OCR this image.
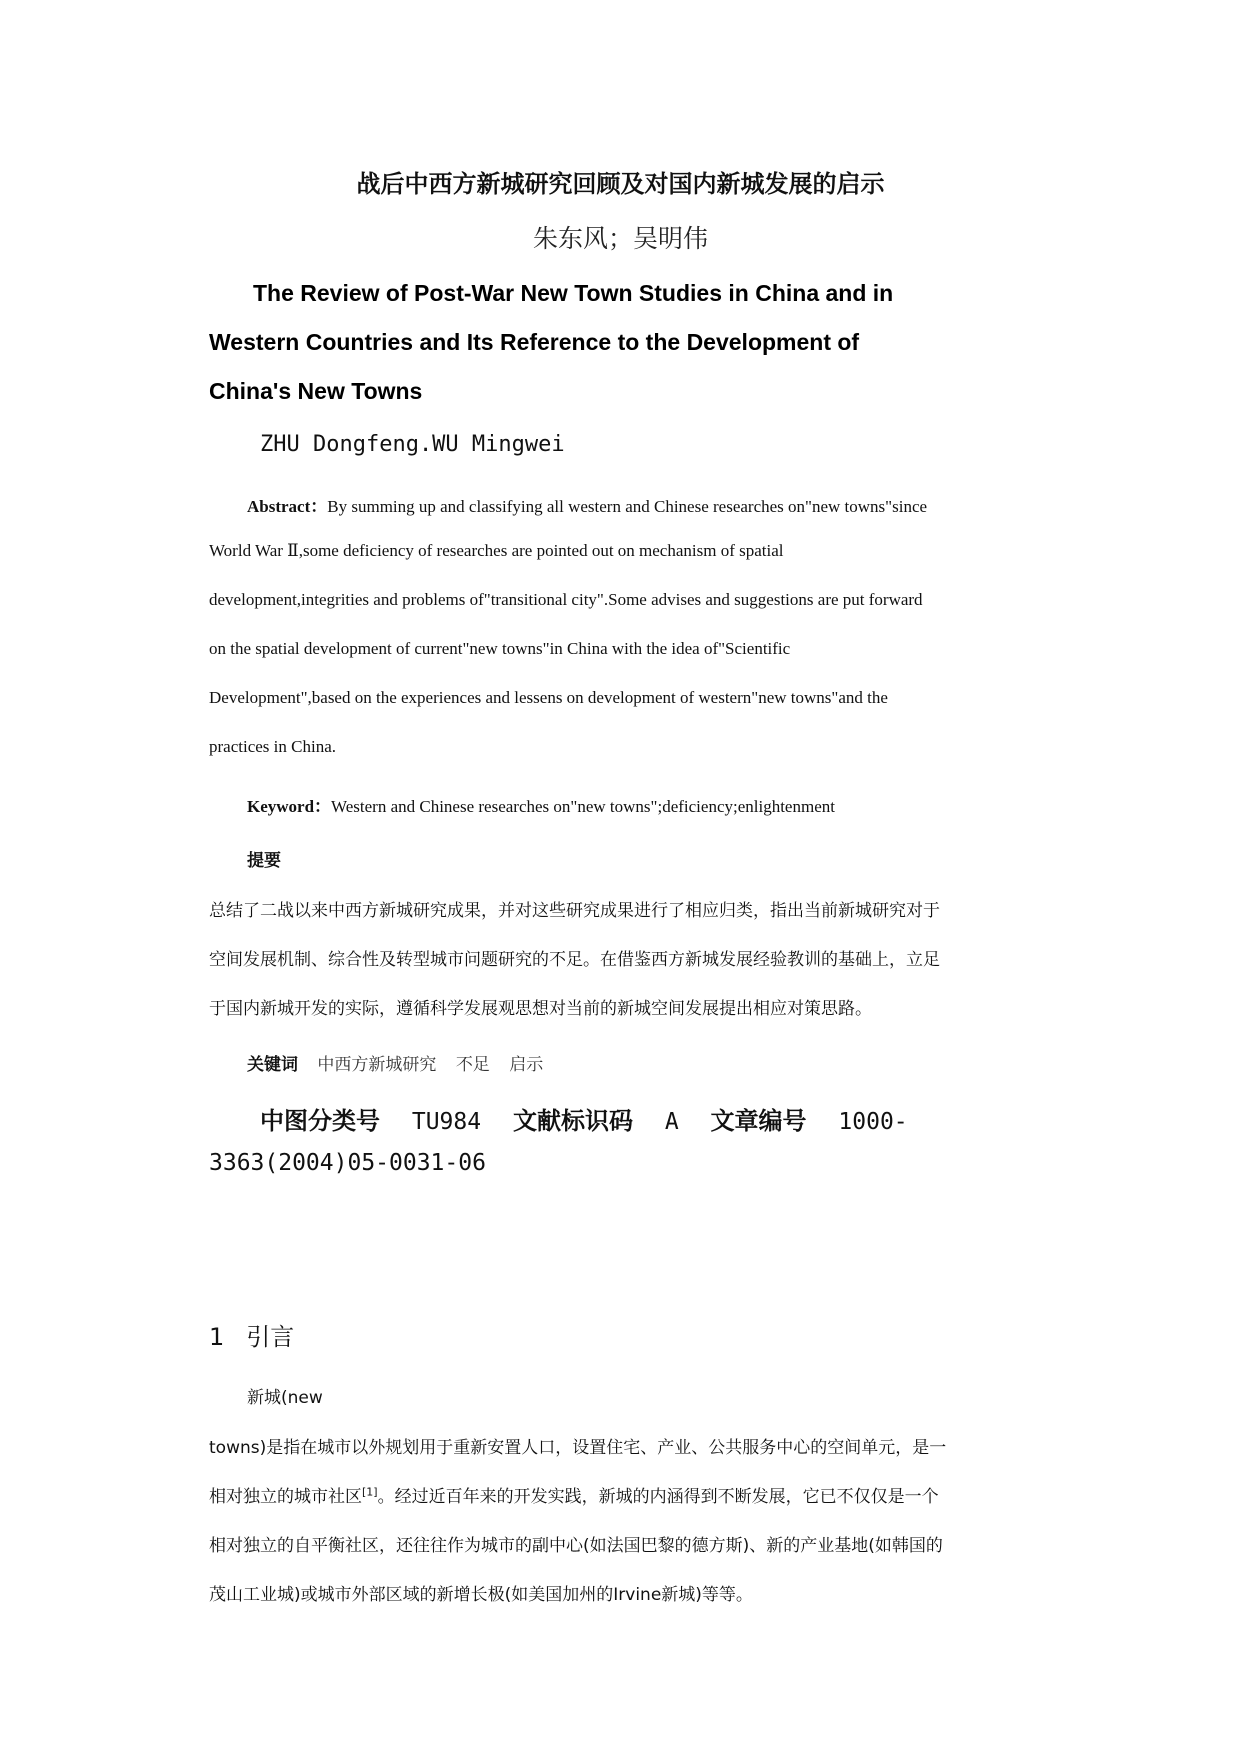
战后中西方新城研究回顾及对国内新城发展的启示
朱东风；吴明伟
The Review of Post-War New Town Studies in China and in
Western Countries and Its Reference to the Development of
China's New Towns
ZHU Dongfeng.WU Mingwei
Abstract：By summing up and classifying all western and Chinese researches on"new towns"since
World War Ⅱ,some deficiency of researches are pointed out on mechanism of spatial
development,integrities and problems of"transitional city".Some advises and suggestions are put forward
on the spatial development of current"new towns"in China with the idea of"Scientific
Development",based on the experiences and lessens on development of western"new towns"and the
practices in China.
Keyword：Western and Chinese researches on"new towns";deficiency;enlightenment
提要
总结了二战以来中西方新城研究成果，并对这些研究成果进行了相应归类，指出当前新城研究对于
空间发展机制、综合性及转型城市问题研究的不足。在借鉴西方新城发展经验教训的基础上，立足
于国内新城开发的实际，遵循科学发展观思想对当前的新城空间发展提出相应对策思路。
关键词 中西方新城研究 不足 启示
中图分类号 TU984 文献标识码 A 文章编号 1000-
3363(2004)05-0031-06
1 引言
新城(new
towns)是指在城市以外规划用于重新安置人口，设置住宅、产业、公共服务中心的空间单元，是一
相对独立的城市社区[1]。经过近百年来的开发实践，新城的内涵得到不断发展，它已不仅仅是一个
相对独立的自平衡社区，还往往作为城市的副中心(如法国巴黎的德方斯)、新的产业基地(如韩国的
茂山工业城)或城市外部区域的新增长极(如美国加州的Irvine新城)等等。
